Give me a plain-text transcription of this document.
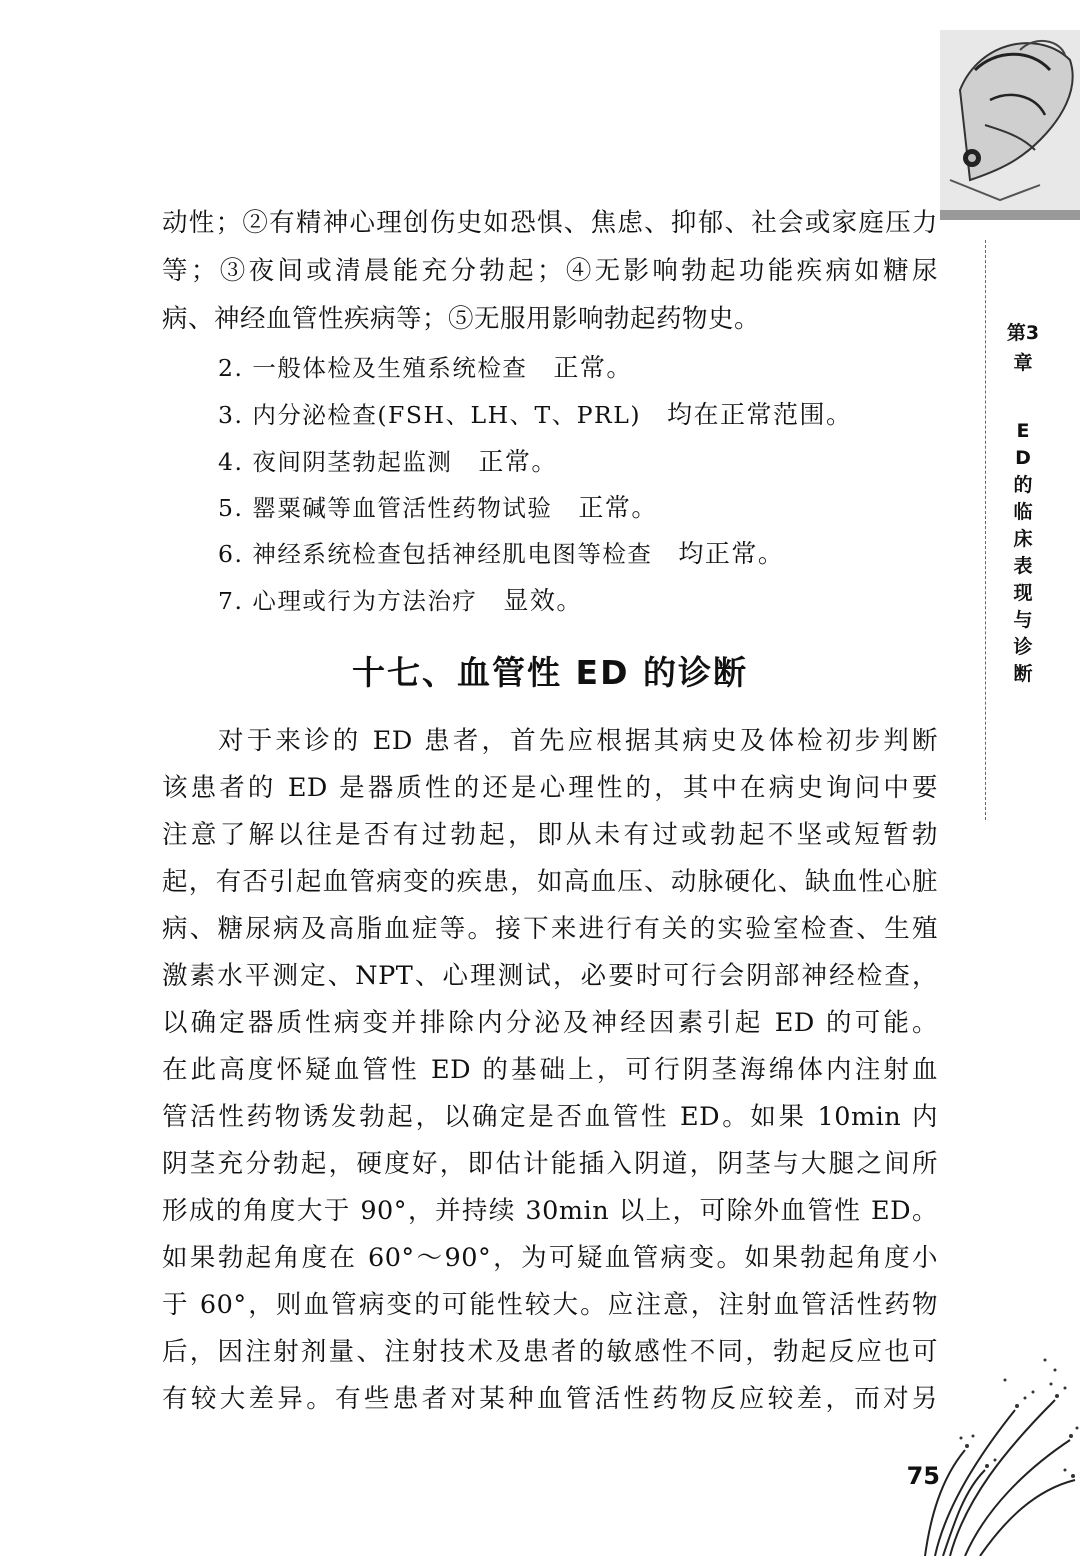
第3章
ED的临床表现与诊断
动性；②有精神心理创伤史如恐惧、焦虑、抑郁、社会或家庭压力
等；③夜间或清晨能充分勃起；④无影响勃起功能疾病如糖尿
病、神经血管性疾病等；⑤无服用影响勃起药物史。
2. 一般体检及生殖系统检查 正常。
3. 内分泌检查(FSH、LH、T、PRL) 均在正常范围。
4. 夜间阴茎勃起监测 正常。
5. 罂粟碱等血管活性药物试验 正常。
6. 神经系统检查包括神经肌电图等检查 均正常。
7. 心理或行为方法治疗 显效。
十七、血管性 ED 的诊断
对于来诊的 ED 患者，首先应根据其病史及体检初步判断
该患者的 ED 是器质性的还是心理性的，其中在病史询问中要
注意了解以往是否有过勃起，即从未有过或勃起不坚或短暂勃
起，有否引起血管病变的疾患，如高血压、动脉硬化、缺血性心脏
病、糖尿病及高脂血症等。接下来进行有关的实验室检查、生殖
激素水平测定、NPT、心理测试，必要时可行会阴部神经检查，
以确定器质性病变并排除内分泌及神经因素引起 ED 的可能。
在此高度怀疑血管性 ED 的基础上，可行阴茎海绵体内注射血
管活性药物诱发勃起，以确定是否血管性 ED。如果 10min 内
阴茎充分勃起，硬度好，即估计能插入阴道，阴茎与大腿之间所
形成的角度大于 90°，并持续 30min 以上，可除外血管性 ED。
如果勃起角度在 60°～90°，为可疑血管病变。如果勃起角度小
于 60°，则血管病变的可能性较大。应注意，注射血管活性药物
后，因注射剂量、注射技术及患者的敏感性不同，勃起反应也可
有较大差异。有些患者对某种血管活性药物反应较差，而对另
75
